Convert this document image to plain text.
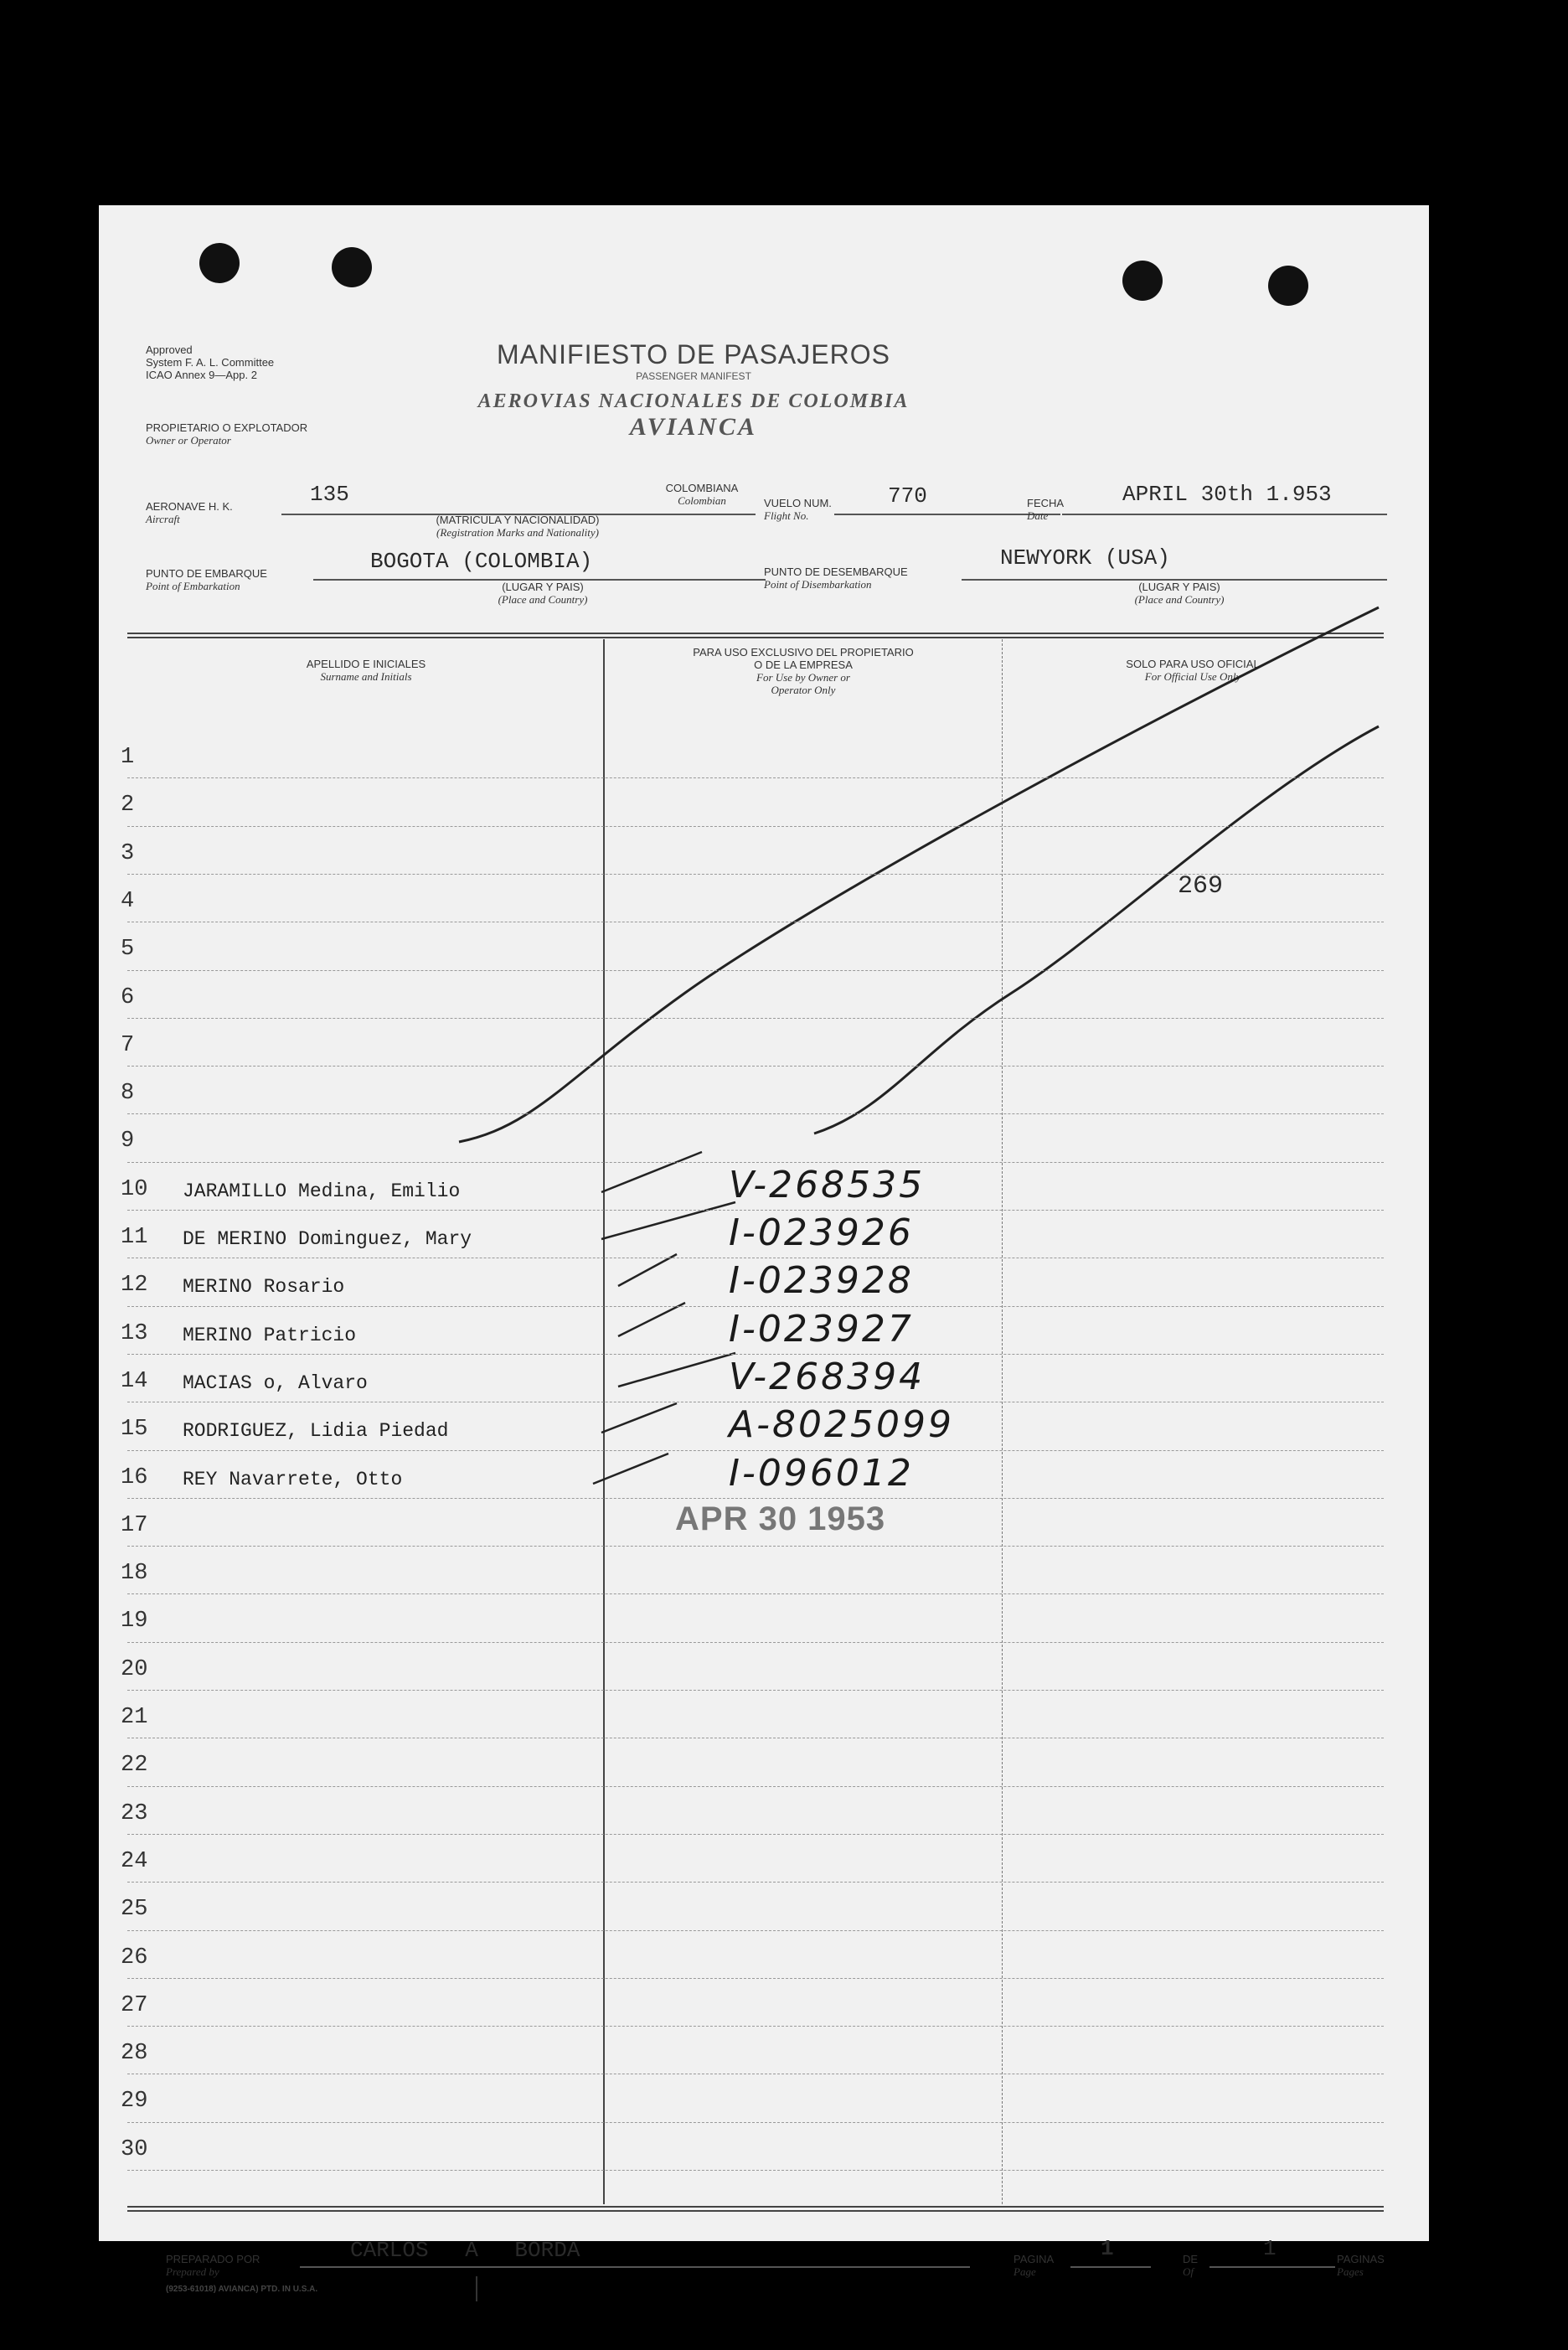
Approved
System F. A. L. Committee
ICAO Annex 9—App. 2
MANIFIESTO DE PASAJEROS
PASSENGER MANIFEST
AEROVIAS NACIONALES DE COLOMBIA
AVIANCA
PROPIETARIO O EXPLOTADOR
Owner or Operator
AERONAVE H. K.
Aircraft
135
(MATRICULA Y NACIONALIDAD)
(Registration Marks and Nationality)
COLOMBIANA
Colombian	VUELO NUM.
Flight No.
770	FECHA
Date
APRIL 30th 1.953
PUNTO DE EMBARQUE
Point of Embarkation
BOGOTA (COLOMBIA)
(LUGAR Y PAIS)
(Place and Country)
PUNTO DE DESEMBARQUE
Point of Disembarkation
NEWYORK (USA)
(LUGAR Y PAIS)
(Place and Country)
APELLIDO E INICIALES
Surname and Initials
PARA USO EXCLUSIVO DEL PROPIETARIO
O DE LA EMPRESA
For Use by Owner or
Operator Only
SOLO PARA USO OFICIAL
For Official Use Only
269
APR 30 1953
PREPARADO POR
Prepared by
CARLOS A BORDA	PAGINA
Page
1	DE
Of
1	PAGINAS
Pages
(9253-61018) AVIANCA) PTD. IN U.S.A.
1
2
3
4
5
6
7
8
9
10	JARAMILLO Medina, Emilio	V-268535
11	DE MERINO Dominguez, Mary	I-023926
12	MERINO Rosario	I-023928
13	MERINO Patricio	I-023927
14	MACIAS o, Alvaro	V-268394
15	RODRIGUEZ, Lidia Piedad	A-8025099
16	REY Navarrete, Otto	I-096012
17
18
19
20
21
22
23
24
25
26
27
28
29
30
